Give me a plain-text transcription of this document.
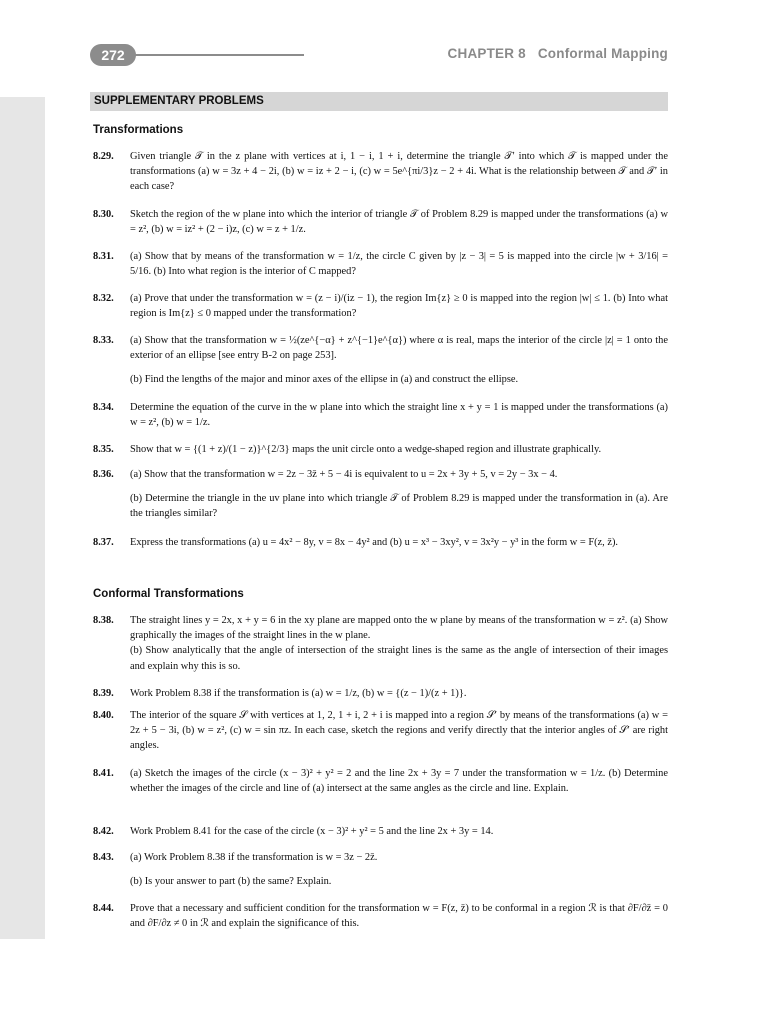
272	CHAPTER 8 Conformal Mapping
SUPPLEMENTARY PROBLEMS
Transformations
8.29. Given triangle 𝒯 in the z plane with vertices at i, 1 − i, 1 + i, determine the triangle 𝒯′ into which 𝒯 is mapped under the transformations (a) w = 3z + 4 − 2i, (b) w = iz + 2 − i, (c) w = 5e^{πi/3}z − 2 + 4i. What is the relationship between 𝒯 and 𝒯′ in each case?
8.30. Sketch the region of the w plane into which the interior of triangle 𝒯 of Problem 8.29 is mapped under the transformations (a) w = z², (b) w = iz² + (2 − i)z, (c) w = z + 1/z.
8.31. (a) Show that by means of the transformation w = 1/z, the circle C given by |z − 3| = 5 is mapped into the circle |w + 3/16| = 5/16. (b) Into what region is the interior of C mapped?
8.32. (a) Prove that under the transformation w = (z − i)/(iz − 1), the region Im{z} ≥ 0 is mapped into the region |w| ≤ 1. (b) Into what region is Im{z} ≤ 0 mapped under the transformation?
8.33. (a) Show that the transformation w = ½(ze^{−α} + z^{−1}e^{α}) where α is real, maps the interior of the circle |z| = 1 onto the exterior of an ellipse [see entry B-2 on page 253].
(b) Find the lengths of the major and minor axes of the ellipse in (a) and construct the ellipse.
8.34. Determine the equation of the curve in the w plane into which the straight line x + y = 1 is mapped under the transformations (a) w = z², (b) w = 1/z.
8.35. Show that w = {(1 + z)/(1 − z)}^{2/3} maps the unit circle onto a wedge-shaped region and illustrate graphically.
8.36. (a) Show that the transformation w = 2z − 3z̄ + 5 − 4i is equivalent to u = 2x + 3y + 5, v = 2y − 3x − 4.
(b) Determine the triangle in the uv plane into which triangle 𝒯 of Problem 8.29 is mapped under the transformation in (a). Are the triangles similar?
8.37. Express the transformations (a) u = 4x² − 8y, v = 8x − 4y² and (b) u = x³ − 3xy², v = 3x²y − y³ in the form w = F(z, z̄).
Conformal Transformations
8.38. The straight lines y = 2x, x + y = 6 in the xy plane are mapped onto the w plane by means of the transformation w = z². (a) Show graphically the images of the straight lines in the w plane.
(b) Show analytically that the angle of intersection of the straight lines is the same as the angle of intersection of their images and explain why this is so.
8.39. Work Problem 8.38 if the transformation is (a) w = 1/z, (b) w = {(z − 1)/(z + 1)}.
8.40. The interior of the square 𝒮 with vertices at 1, 2, 1 + i, 2 + i is mapped into a region 𝒮′ by means of the transformations (a) w = 2z + 5 − 3i, (b) w = z², (c) w = sin πz. In each case, sketch the regions and verify directly that the interior angles of 𝒮′ are right angles.
8.41. (a) Sketch the images of the circle (x − 3)² + y² = 2 and the line 2x + 3y = 7 under the transformation w = 1/z. (b) Determine whether the images of the circle and line of (a) intersect at the same angles as the circle and line. Explain.
8.42. Work Problem 8.41 for the case of the circle (x − 3)² + y² = 5 and the line 2x + 3y = 14.
8.43. (a) Work Problem 8.38 if the transformation is w = 3z − 2z̄.
(b) Is your answer to part (b) the same? Explain.
8.44. Prove that a necessary and sufficient condition for the transformation w = F(z, z̄) to be conformal in a region ℛ is that ∂F/∂z̄ = 0 and ∂F/∂z ≠ 0 in ℛ and explain the significance of this.
